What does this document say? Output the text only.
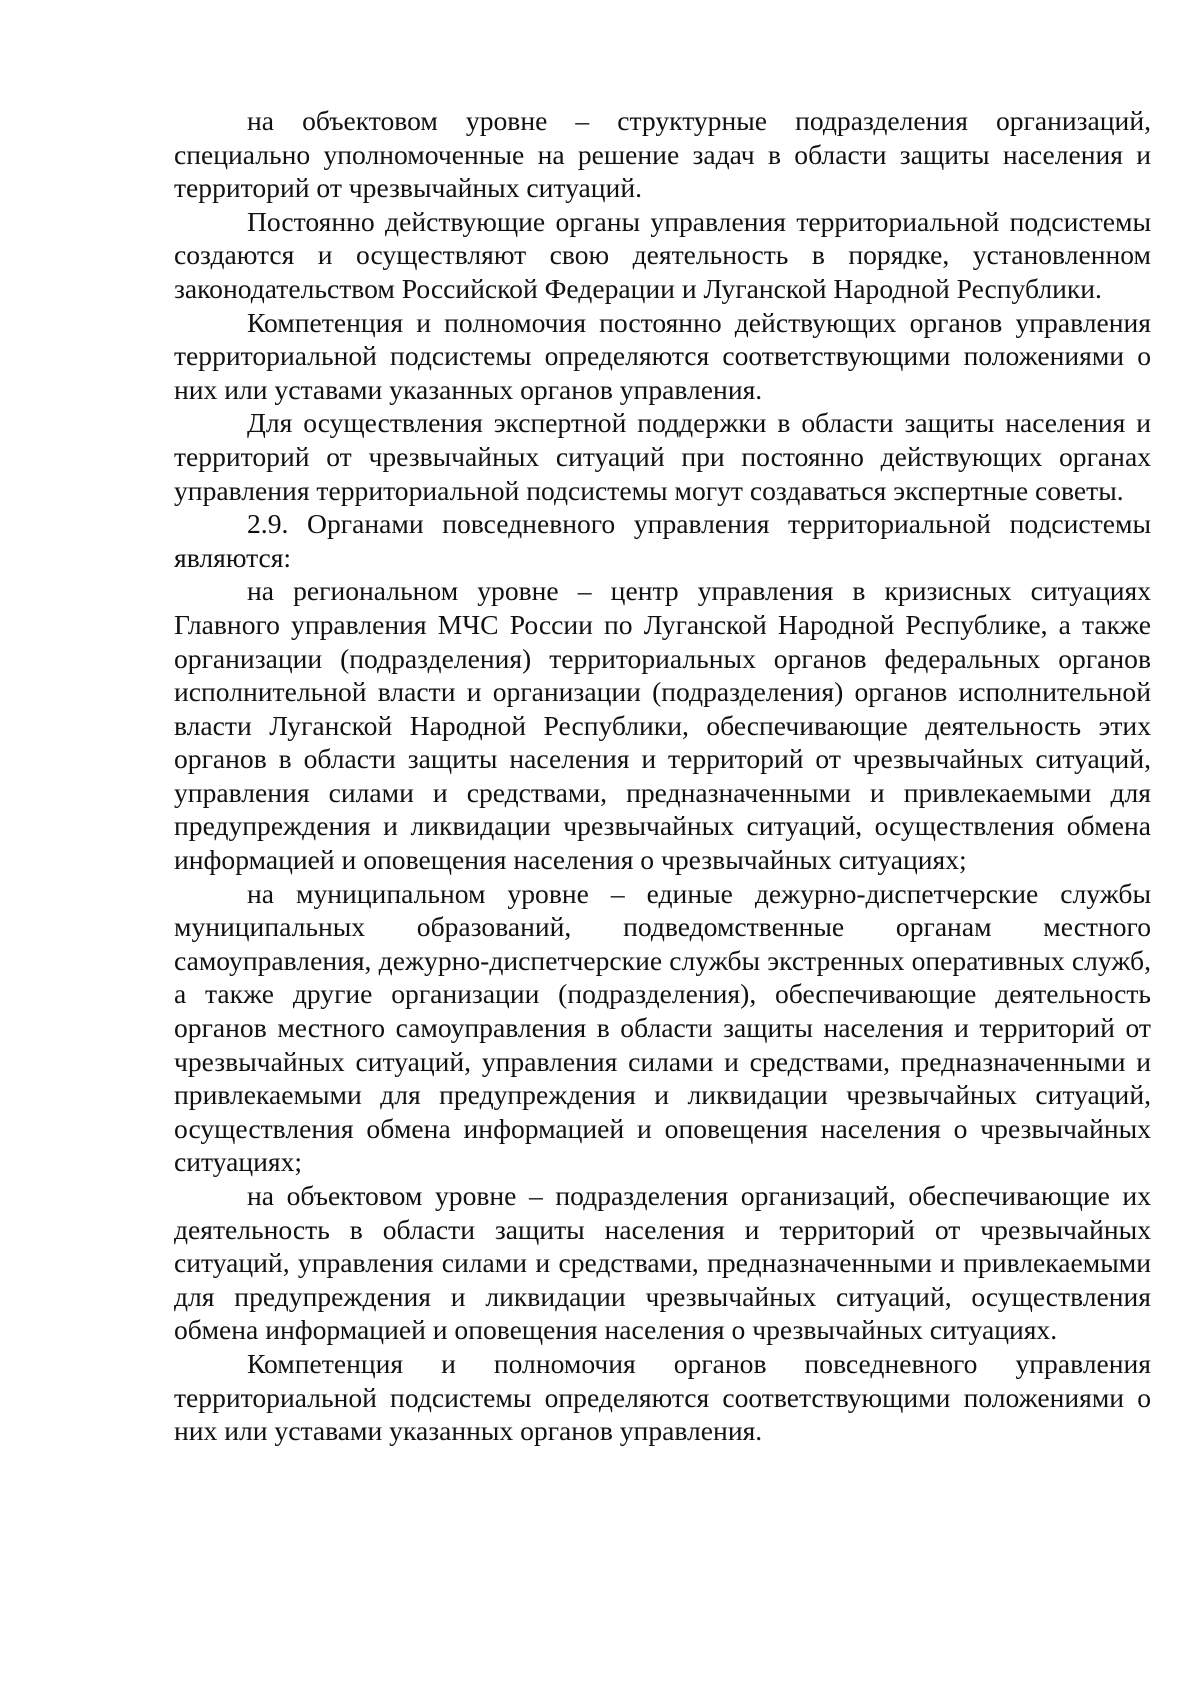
на объектовом уровне – структурные подразделения организаций, специально уполномоченные на решение задач в области защиты населения и территорий от чрезвычайных ситуаций.

Постоянно действующие органы управления территориальной подсистемы создаются и осуществляют свою деятельность в порядке, установленном законодательством Российской Федерации и Луганской Народной Республики.

Компетенция и полномочия постоянно действующих органов управления территориальной подсистемы определяются соответствующими положениями о них или уставами указанных органов управления.

Для осуществления экспертной поддержки в области защиты населения и территорий от чрезвычайных ситуаций при постоянно действующих органах управления территориальной подсистемы могут создаваться экспертные советы.

2.9. Органами повседневного управления территориальной подсистемы являются:

на региональном уровне – центр управления в кризисных ситуациях Главного управления МЧС России по Луганской Народной Республике, а также организации (подразделения) территориальных органов федеральных органов исполнительной власти и организации (подразделения) органов исполнительной власти Луганской Народной Республики, обеспечивающие деятельность этих органов в области защиты населения и территорий от чрезвычайных ситуаций, управления силами и средствами, предназначенными и привлекаемыми для предупреждения и ликвидации чрезвычайных ситуаций, осуществления обмена информацией и оповещения населения о чрезвычайных ситуациях;

на муниципальном уровне – единые дежурно-диспетчерские службы муниципальных образований, подведомственные органам местного самоуправления, дежурно-диспетчерские службы экстренных оперативных служб, а также другие организации (подразделения), обеспечивающие деятельность органов местного самоуправления в области защиты населения и территорий от чрезвычайных ситуаций, управления силами и средствами, предназначенными и привлекаемыми для предупреждения и ликвидации чрезвычайных ситуаций, осуществления обмена информацией и оповещения населения о чрезвычайных ситуациях;

на объектовом уровне – подразделения организаций, обеспечивающие их деятельность в области защиты населения и территорий от чрезвычайных ситуаций, управления силами и средствами, предназначенными и привлекаемыми для предупреждения и ликвидации чрезвычайных ситуаций, осуществления обмена информацией и оповещения населения о чрезвычайных ситуациях.

Компетенция и полномочия органов повседневного управления территориальной подсистемы определяются соответствующими положениями о них или уставами указанных органов управления.
